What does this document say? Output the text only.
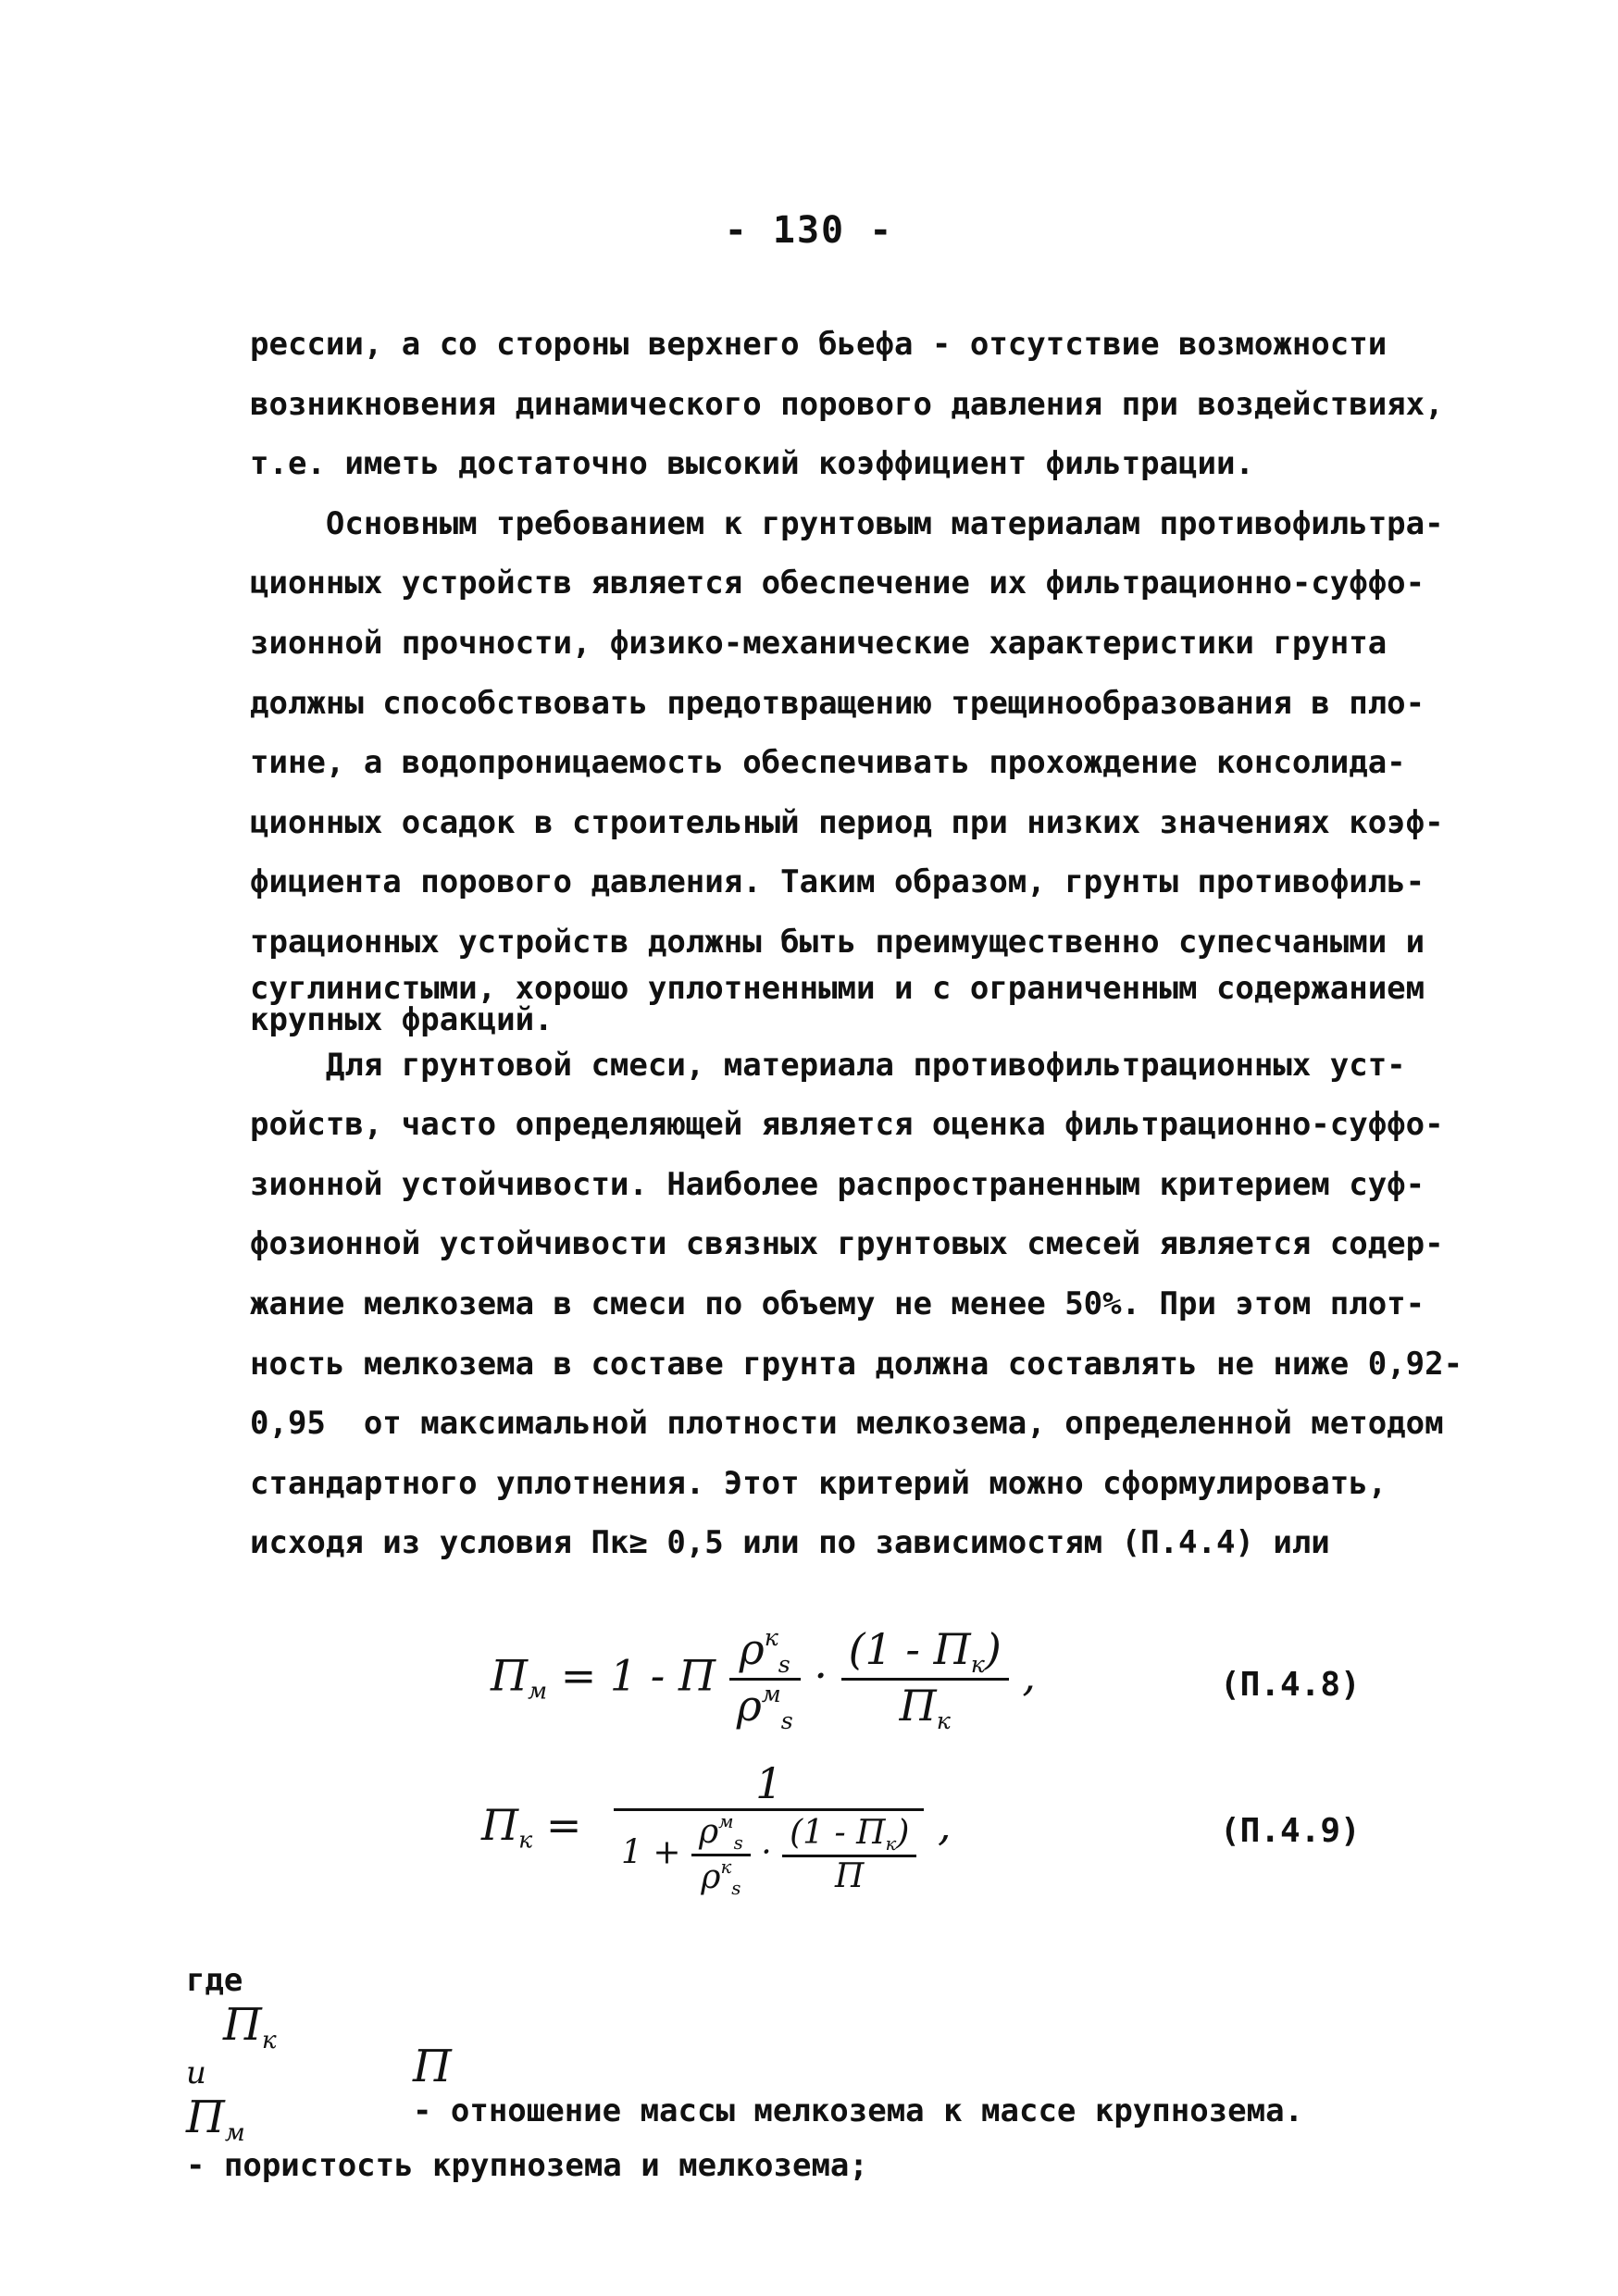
- 130 -
рессии, а со стороны верхнего бьефа - отсутствие возможности
возникновения динамического порового давления при воздействиях,
т.е. иметь достаточно высокий коэффициент фильтрации.
Основным требованием к грунтовым материалам противофильтра-
ционных устройств является обеспечение их фильтрационно-суффо-
зионной прочности, физико-механические характеристики грунта
должны способствовать предотвращению трещинообразования в пло-
тине, а водопроницаемость обеспечивать прохождение консолида-
ционных осадок в строительный период при низких значениях коэф-
фициента порового давления. Таким образом, грунты противофиль-
трационных устройств должны быть преимущественно супесчаными и
суглинистыми, хорошо уплотненными и с ограниченным содержанием
крупных фракций.
Для грунтовой смеси, материала противофильтрационных уст-
ройств, часто определяющей является оценка фильтрационно-суффо-
зионной устойчивости. Наиболее распространенным критерием суф-
фозионной устойчивости связных грунтовых смесей является содер-
жание мелкозема в смеси по объему не менее 50%. При этом плот-
ность мелкозема в составе грунта должна составлять не ниже 0,92-
0,95  от максимальной плотности мелкозема, определенной методом
стандартного уплотнения. Этот критерий можно сформулировать,
исходя из условия Пк≥ 0,5 или по зависимостям (П.4.4) или
$П_м = 1 - П \frac{\rho^к_s}{\rho^м_s} \cdot \frac{(1 - П_к)}{П_к}$ ,	(П.4.8)
$П_к$ =
1
$1 + \frac{\rho^м_s}{\rho^к_s} \cdot \frac{(1 - П_к)}{П}$ ,	(П.4.9)

где
$П_к$
и
$П_м$
- пористость крупнозема и мелкозема;

П
- отношение массы мелкозема к массе крупнозема.
